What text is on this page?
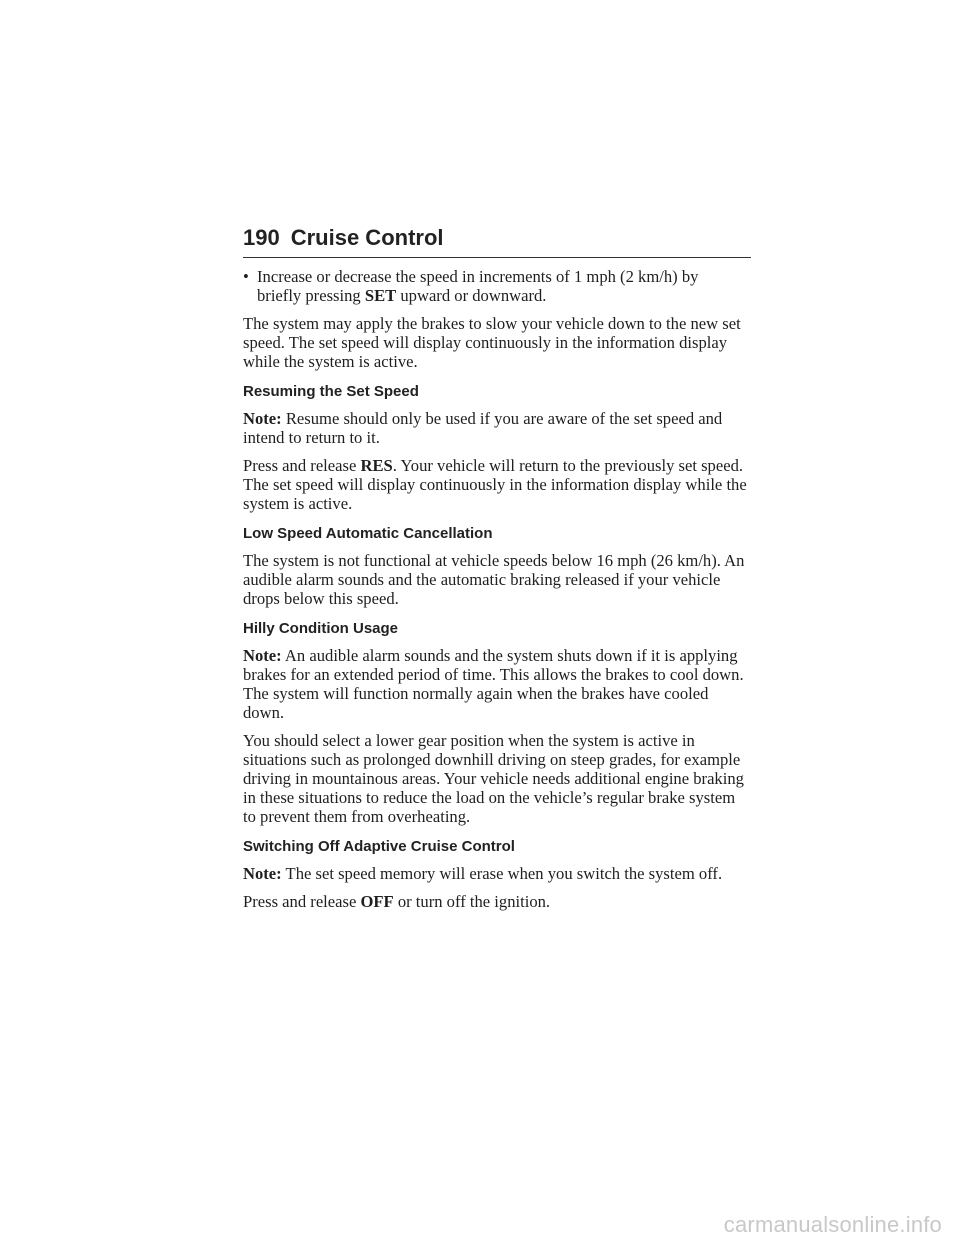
190 Cruise Control
• Increase or decrease the speed in increments of 1 mph (2 km/h) by
briefly pressing SET upward or downward.

The system may apply the brakes to slow your vehicle down to the new set speed. The set speed will display continuously in the information display while the system is active.

Resuming the Set Speed

Note: Resume should only be used if you are aware of the set speed and intend to return to it.

Press and release RES. Your vehicle will return to the previously set speed. The set speed will display continuously in the information display while the system is active.

Low Speed Automatic Cancellation

The system is not functional at vehicle speeds below 16 mph (26 km/h). An audible alarm sounds and the automatic braking released if your vehicle drops below this speed.

Hilly Condition Usage

Note: An audible alarm sounds and the system shuts down if it is applying brakes for an extended period of time. This allows the brakes to cool down. The system will function normally again when the brakes have cooled down.

You should select a lower gear position when the system is active in situations such as prolonged downhill driving on steep grades, for example driving in mountainous areas. Your vehicle needs additional engine braking in these situations to reduce the load on the vehicle’s regular brake system to prevent them from overheating.

Switching Off Adaptive Cruise Control

Note: The set speed memory will erase when you switch the system off.

Press and release OFF or turn off the ignition.

carmanualsonline.info
